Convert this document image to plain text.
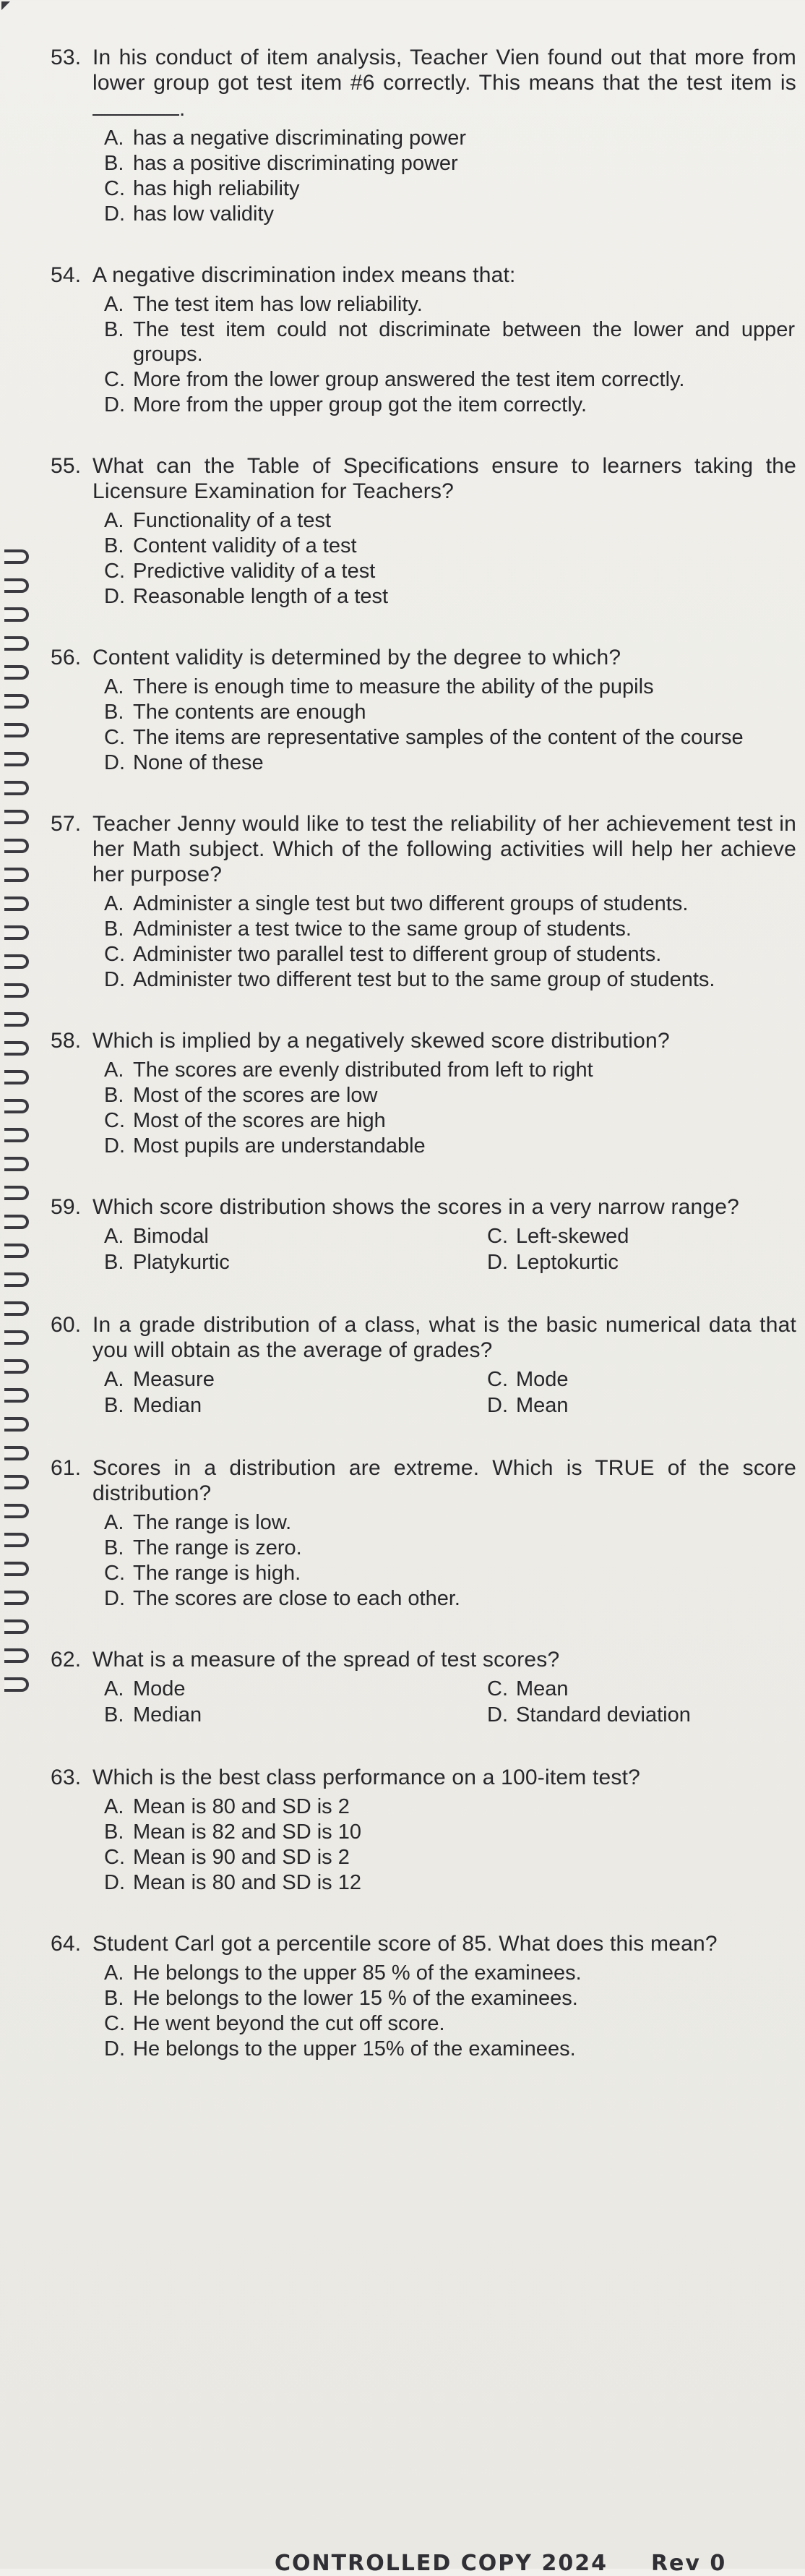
53. In his conduct of item analysis, Teacher Vien found out that more from lower group got test item #6 correctly. This means that the test item is .
A. has a negative discriminating power
B. has a positive discriminating power
C. has high reliability
D. has low validity
54. A negative discrimination index means that:
A. The test item has low reliability.
B. The test item could not discriminate between the lower and upper groups.
C. More from the lower group answered the test item correctly.
D. More from the upper group got the item correctly.
55. What can the Table of Specifications ensure to learners taking the Licensure Examination for Teachers?
A. Functionality of a test
B. Content validity of a test
C. Predictive validity of a test
D. Reasonable length of a test
56. Content validity is determined by the degree to which?
A. There is enough time to measure the ability of the pupils
B. The contents are enough
C. The items are representative samples of the content of the course
D. None of these
57. Teacher Jenny would like to test the reliability of her achievement test in her Math subject. Which of the following activities will help her achieve her purpose?
A. Administer a single test but two different groups of students.
B. Administer a test twice to the same group of students.
C. Administer two parallel test to different group of students.
D. Administer two different test but to the same group of students.
58. Which is implied by a negatively skewed score distribution?
A. The scores are evenly distributed from left to right
B. Most of the scores are low
C. Most of the scores are high
D. Most pupils are understandable
59. Which score distribution shows the scores in a very narrow range?
A. Bimodal	C. Left-skewed
B. Platykurtic	D. Leptokurtic
60. In a grade distribution of a class, what is the basic numerical data that you will obtain as the average of grades?
A. Measure	C. Mode
B. Median	D. Mean
61. Scores in a distribution are extreme. Which is TRUE of the score distribution?
A. The range is low.
B. The range is zero.
C. The range is high.
D. The scores are close to each other.
62. What is a measure of the spread of test scores?
A. Mode	C. Mean
B. Median	D. Standard deviation
63. Which is the best class performance on a 100-item test?
A. Mean is 80 and SD is 2
B. Mean is 82 and SD is 10
C. Mean is 90 and SD is 2
D. Mean is 80 and SD is 12
64. Student Carl got a percentile score of 85. What does this mean?
A. He belongs to the upper 85 % of the examinees.
B. He belongs to the lower 15 % of the examinees.
C. He went beyond the cut off score.
D. He belongs to the upper 15% of the examinees.
CONTROLLED COPY 2024 Rev 0
